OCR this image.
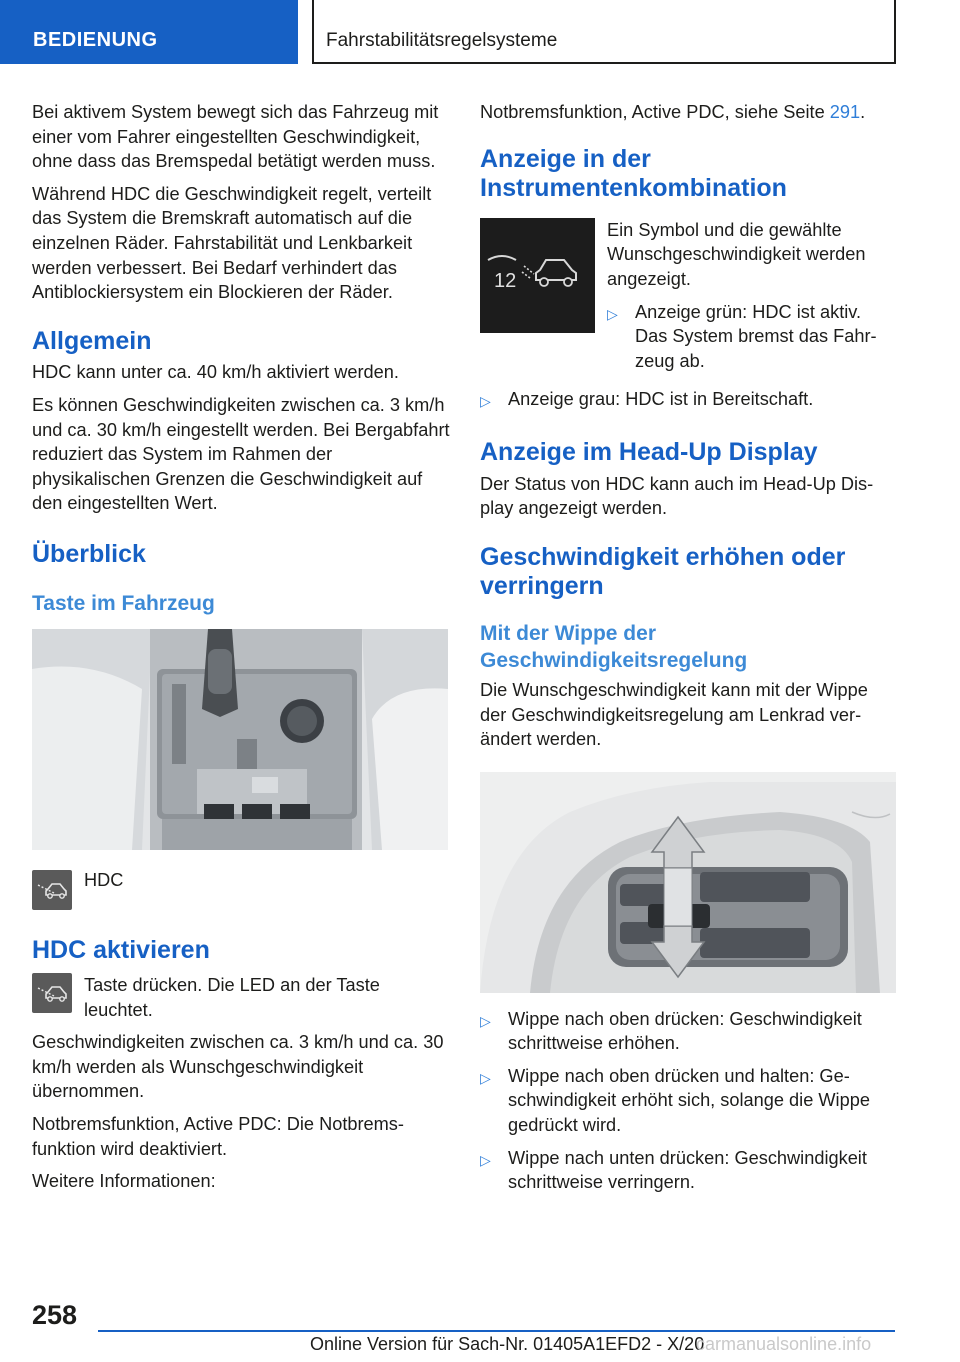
BEDIENUNG	Fahrstabilitätsregelsysteme

Bei aktivem System bewegt sich das Fahrzeug mit einer vom Fahrer eingestellten Geschwindigkeit, ohne dass das Bremspedal betätigt werden muss.

Während HDC die Geschwindigkeit regelt, verteilt das System die Bremskraft automatisch auf die einzelnen Räder. Fahrstabilität und Lenkbarkeit werden verbessert. Bei Bedarf verhindert das Antiblockiersystem ein Blockieren der Räder.

Allgemein

HDC kann unter ca. 40 km/h aktiviert werden.

Es können Geschwindigkeiten zwischen ca. 3 km/h und ca. 30 km/h eingestellt werden. Bei Bergabfahrt reduziert das System im Rahmen der physikalischen Grenzen die Geschwindigkeit auf den eingestellten Wert.

Überblick
Taste im Fahrzeug
HDC
HDC aktivieren

Taste drücken. Die LED an der Taste leuchtet.

Geschwindigkeiten zwischen ca. 3 km/h und ca. 30 km/h werden als Wunschgeschwindigkeit übernommen.

Notbremsfunktion, Active PDC: Die Notbremsfunktion wird deaktiviert.

Weitere Informationen:

Notbremsfunktion, Active PDC, siehe Seite 291.

Anzeige in der Instrumentenkombination
12

Ein Symbol und die gewählte Wunschgeschwindigkeit werden angezeigt.

▷ Anzeige grün: HDC ist aktiv. Das System bremst das Fahrzeug ab.
▷ Anzeige grau: HDC ist in Bereitschaft.
Anzeige im Head-Up Display

Der Status von HDC kann auch im Head-Up Display angezeigt werden.

Geschwindigkeit erhöhen oder verringern
Mit der Wippe der Geschwindigkeitsregelung

Die Wunschgeschwindigkeit kann mit der Wippe der Geschwindigkeitsregelung am Lenkrad verändert werden.

▷ Wippe nach oben drücken: Geschwindigkeit schrittweise erhöhen.
▷ Wippe nach oben drücken und halten: Geschwindigkeit erhöht sich, solange die Wippe gedrückt wird.
▷ Wippe nach unten drücken: Geschwindigkeit schrittweise verringern.
258
Online Version für Sach-Nr. 01405A1EFD2 - X/20
carmanualsonline.info
